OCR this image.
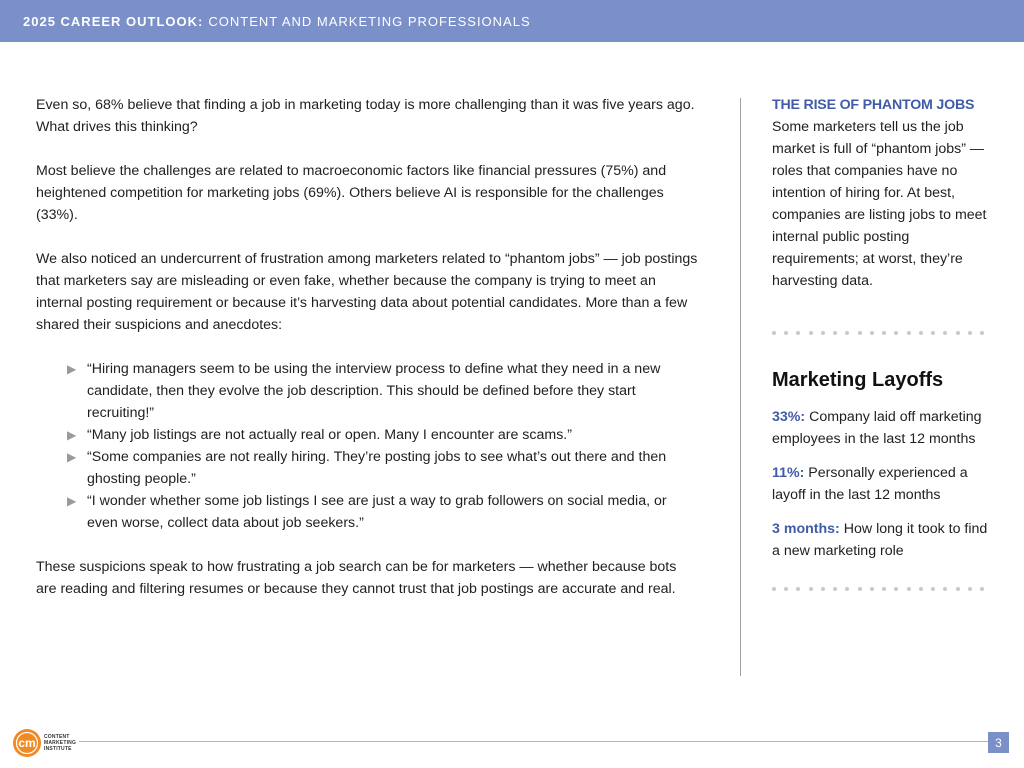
2025 CAREER OUTLOOK: CONTENT AND MARKETING PROFESSIONALS

Even so, 68% believe that finding a job in marketing today is more challenging than it was five years ago. What drives this thinking?

Most believe the challenges are related to macroeconomic factors like financial pressures (75%) and heightened competition for marketing jobs (69%). Others believe AI is responsible for the challenges (33%).

We also noticed an undercurrent of frustration among marketers related to “phantom jobs” — job postings that marketers say are misleading or even fake, whether because the company is trying to meet an internal posting requirement or because it’s harvesting data about potential candidates. More than a few shared their suspicions and anecdotes:

▶ “Hiring managers seem to be using the interview process to define what they need in a new candidate, then they evolve the job description. This should be defined before they start recruiting!”
▶ “Many job listings are not actually real or open. Many I encounter are scams.”
▶ “Some companies are not really hiring. They’re posting jobs to see what’s out there and then ghosting people.”
▶ “I wonder whether some job listings I see are just a way to grab followers on social media, or even worse, collect data about job seekers.”

These suspicions speak to how frustrating a job search can be for marketers — whether because bots are reading and filtering resumes or because they cannot trust that job postings are accurate and real.

THE RISE OF PHANTOM JOBS
Some marketers tell us the job market is full of “phantom jobs” — roles that companies have no intention of hiring for. At best, companies are listing jobs to meet internal public posting requirements; at worst, they’re harvesting data.
Marketing Layoffs
33%: Company laid off marketing employees in the last 12 months
11%: Personally experienced a layoff in the last 12 months
3 months: How long it took to find a new marketing role
cm CONTENT
MARKETING
INSTITUTE	3
